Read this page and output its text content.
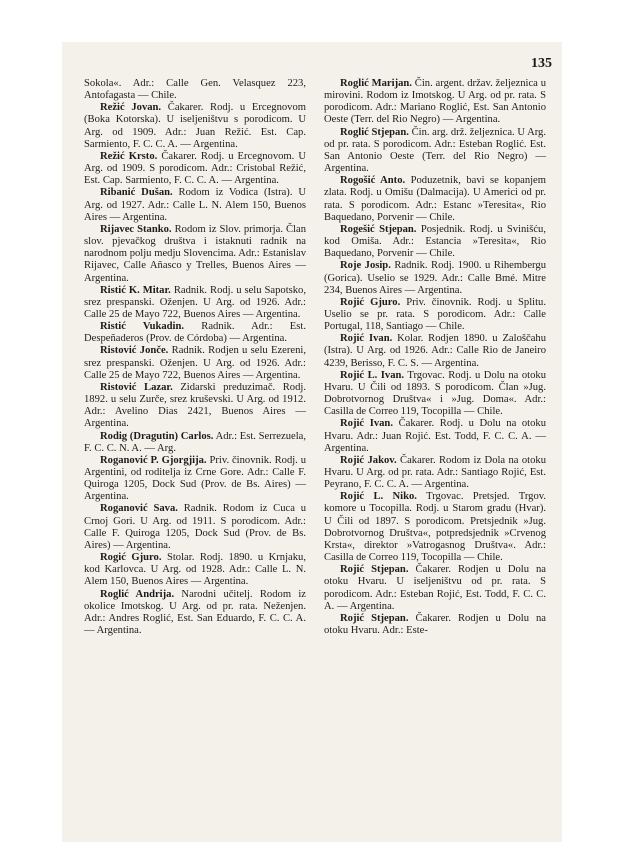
135

Sokola«. Adr.: Calle Gen. Velasquez 223, Antofagasta — Chile.

Režić Jovan. Čakarer. Rodj. u Ercegnovom (Boka Kotorska). U iseljeništvu s porodicom. U Arg. od 1909. Adr.: Juan Režić. Est. Cap. Sarmiento, F. C. C. A. — Argentina.

Režić Krsto. Čakarer. Rodj. u Ercegnovom. U Arg. od 1909. S porodicom. Adr.: Cristobal Režić, Est. Cap. Sarmiento, F. C. C. A. — Argentina.

Ribanić Dušan. Rodom iz Vodica (Istra). U Arg. od 1927. Adr.: Calle L. N. Alem 150, Buenos Aires — Argentina.

Rijavec Stanko. Rodom iz Slov. primorja. Član slov. pjevačkog društva i istaknuti radnik na narodnom polju medju Slovencima. Adr.: Estanislav Rijavec, Calle Añasco y Trelles, Buenos Aires — Argentina.

Ristić K. Mitar. Radnik. Rodj. u selu Sapotsko, srez prespanski. Oženjen. U Arg. od 1926. Adr.: Calle 25 de Mayo 722, Buenos Aires — Argentina.

Ristić Vukadin. Radnik. Adr.: Est. Despeñaderos (Prov. de Córdoba) — Argentina.

Ristović Jonče. Radnik. Rodjen u selu Ezereni, srez prespanski. Oženjen. U Arg. od 1926. Adr.: Calle 25 de Mayo 722, Buenos Aires — Argentina.

Ristović Lazar. Zidarski preduzimač. Rodj. 1892. u selu Zurče, srez kruševski. U Arg. od 1912. Adr.: Avelino Dias 2421, Buenos Aires — Argentina.

Rodig (Dragutin) Carlos. Adr.: Est. Serrezuela, F. C. C. N. A. — Arg.

Roganović P. Gjorgjija. Priv. činovnik. Rodj. u Argentini, od roditelja iz Crne Gore. Adr.: Calle F. Quiroga 1205, Dock Sud (Prov. de Bs. Aires) — Argentina.

Roganović Sava. Radnik. Rodom iz Cuca u Crnoj Gori. U Arg. od 1911. S porodicom. Adr.: Calle F. Quiroga 1205, Dock Sud (Prov. de Bs. Aires) — Argentina.

Rogić Gjuro. Stolar. Rodj. 1890. u Krnjaku, kod Karlovca. U Arg. od 1928. Adr.: Calle L. N. Alem 150, Buenos Aires — Argentina.

Roglić Andrija. Narodni učitelj. Rodom iz okolice Imotskog. U Arg. od pr. rata. Neženjen. Adr.: Andres Roglić, Est. San Eduardo, F. C. C. A. — Argentina.

Roglić Marijan. Čin. argent. držav. željeznica u mirovini. Rodom iz Imotskog. U Arg. od pr. rata. S porodicom. Adr.: Mariano Roglić, Est. San Antonio Oeste (Terr. del Rio Negro) — Argentina.

Roglić Stjepan. Čin. arg. drž. željeznica. U Arg. od pr. rata. S porodicom. Adr.: Esteban Roglić. Est. San Antonio Oeste (Terr. del Rio Negro) — Argentina.

Rogošić Anto. Poduzetnik, bavi se kopanjem zlata. Rodj. u Omišu (Dalmacija). U Americi od pr. rata. S porodicom. Adr.: Estanc »Teresita«, Rio Baquedano, Porvenir — Chile.

Rogešić Stjepan. Posjednik. Rodj. u Svinišću, kod Omiša. Adr.: Estancia »Teresita«, Rio Baquedano, Porvenir — Chile.

Roje Josip. Radnik. Rodj. 1900. u Rihembergu (Gorica). Uselio se 1929. Adr.: Calle Bmé. Mitre 234, Buenos Aires — Argentina.

Rojić Gjuro. Priv. činovnik. Rodj. u Splitu. Uselio se pr. rata. S porodicom. Adr.: Calle Portugal, 118, Santiago — Chile.

Rojić Ivan. Kolar. Rodjen 1890. u Zaloščahu (Istra). U Arg. od 1926. Adr.: Calle Rio de Janeiro 4239, Berisso, F. C. S. — Argentina.

Rojić L. Ivan. Trgovac. Rodj. u Dolu na otoku Hvaru. U Čili od 1893. S porodicom. Član »Jug. Dobrotvornog Društva« i »Jug. Doma«. Adr.: Casilla de Correo 119, Tocopilla — Chile.

Rojić Ivan. Čakarer. Rodj. u Dolu na otoku Hvaru. Adr.: Juan Rojić. Est. Todd, F. C. C. A. — Argentina.

Rojić Jakov. Čakarer. Rodom iz Dola na otoku Hvaru. U Arg. od pr. rata. Adr.: Santiago Rojić, Est. Peyrano, F. C. C. A. — Argentina.

Rojić L. Niko. Trgovac. Pretsjed. Trgov. komore u Tocopilla. Rodj. u Starom gradu (Hvar). U Čili od 1897. S porodicom. Pretsjednik »Jug. Dobrotvornog Društva«, potpredsjednik »Crvenog Krsta«, direktor »Vatrogasnog Društva«. Adr.: Casilla de Correo 119, Tocopilla — Chile.

Rojić Stjepan. Čakarer. Rodjen u Dolu na otoku Hvaru. U iseljeništvu od pr. rata. S porodicom. Adr.: Esteban Rojić, Est. Todd, F. C. C. A. — Argentina.

Rojić Stjepan. Čakarer. Rodjen u Dolu na otoku Hvaru. Adr.: Este-
